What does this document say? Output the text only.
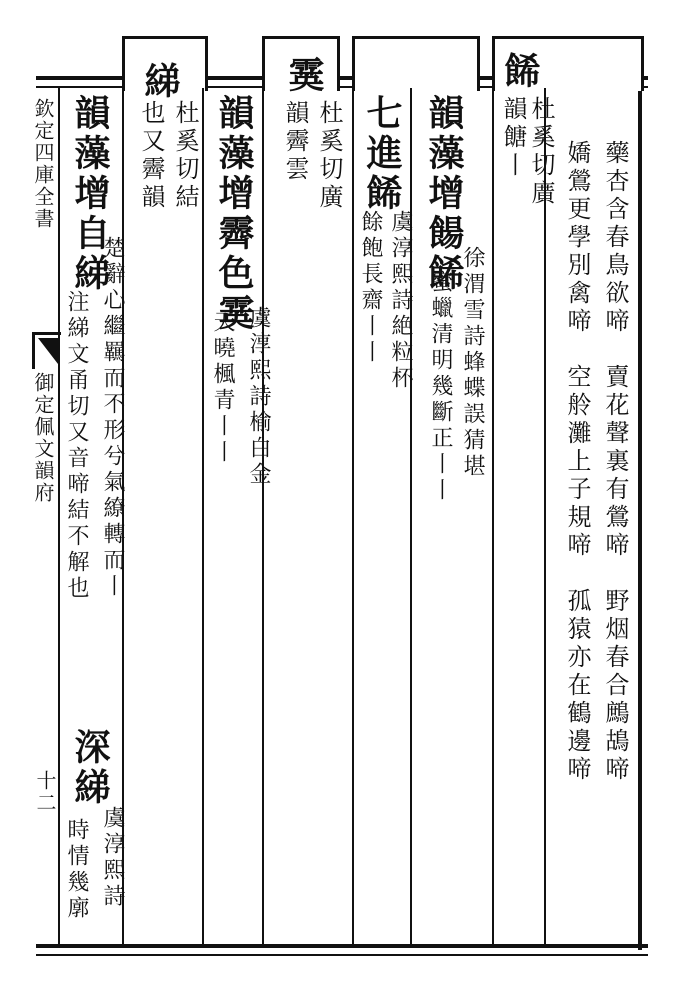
欽定四庫全書
御定佩文韻府
十二
藥杏含春鳥欲啼　賣花聲裏有鶯啼　野烟春合鷓鴣啼
嬌鶯更學別禽啼　空舲灘上子規啼　孤猿亦在鶴邊啼
餙
杜奚切廣
韻餹丨
韻藻增餳餙
徐渭雪詩蜂蝶誤猜堪
蜜蠟清明幾斷正丨丨
七進餙
虞淳熙詩絶粒杯
餘飽長齋丨丨
霙
杜奚切廣
韻霽雲
韻藻增霽色霙
虞淳熙詩榆白金
天曉楓青丨丨
綈
杜奚切結
也又霽韻
韻藻增自綈
楚辭心繼羈而不形兮氣繚轉而丨
丨注綈文甬切又音啼結不解也
深綈
虞淳熙詩
時情幾廓
